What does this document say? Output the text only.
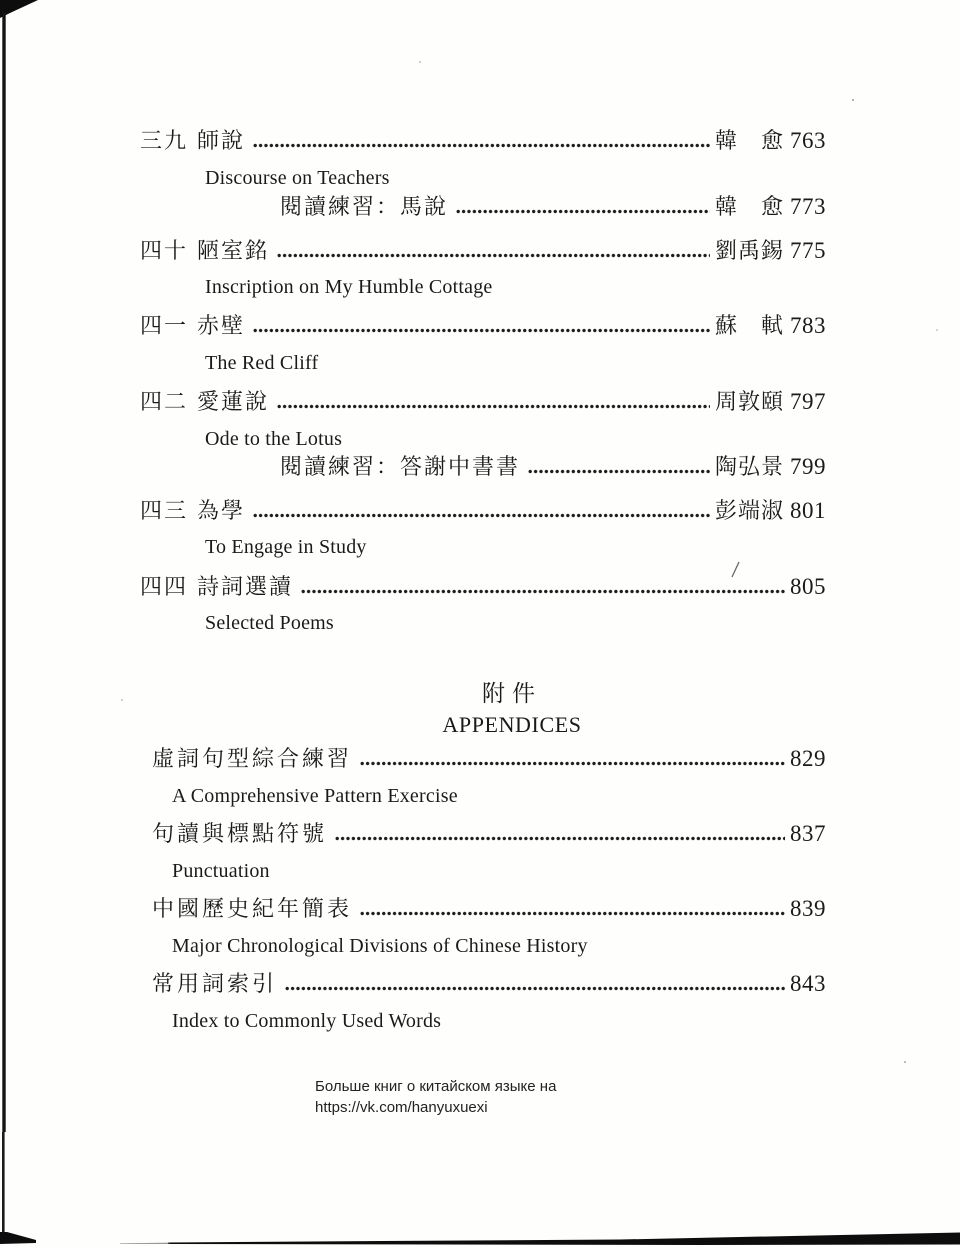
三九 師說	韓　愈 763
Discourse on Teachers
閱讀練習：馬說	韓　愈 773
四十 陋室銘	劉禹錫 775
Inscription on My Humble Cottage
四一 赤壁	蘇　軾 783
The Red Cliff
四二 愛蓮說	周敦頤 797
Ode to the Lotus
閱讀練習：答謝中書書	陶弘景 799
四三 為學	彭端淑 801
To Engage in Study
四四 詩詞選讀	805
Selected Poems
附件
APPENDICES
虛詞句型綜合練習	829
A Comprehensive Pattern Exercise
句讀與標點符號	837
Punctuation
中國歷史紀年簡表	839
Major Chronological Divisions of Chinese History
常用詞索引	843
Index to Commonly Used Words
Больше книг о китайском языке на
https://vk.com/hanyuxuexi
